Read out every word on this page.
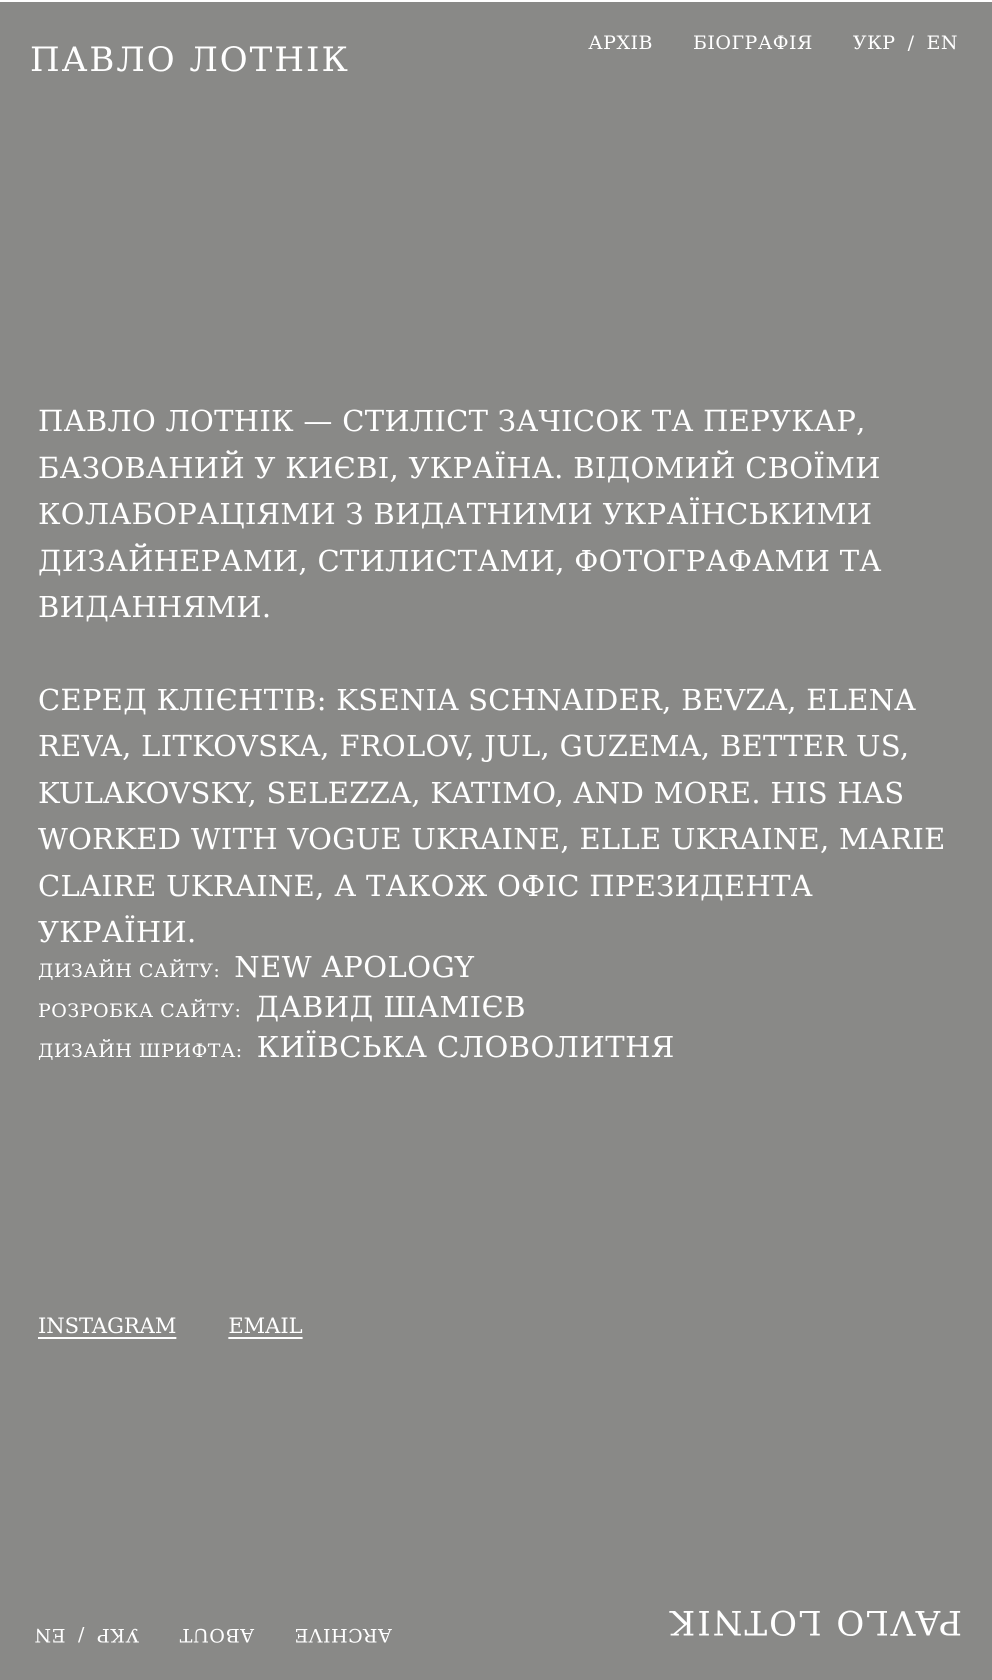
ПАВЛО ЛОТНІК	АРХІВ БІОГРАФІЯ УКР / EN

ПАВЛО ЛОТНІК — СТИЛІСТ ЗАЧІСОК ТА ПЕРУКАР, БАЗОВАНИЙ У КИЄВІ, УКРАЇНА. ВІДОМИЙ СВОЇМИ КОЛАБОРАЦІЯМИ З ВИДАТНИМИ УКРАЇНСЬКИМИ ДИЗАЙНЕРАМИ, СТИЛИСТАМИ, ФОТОГРАФАМИ ТА ВИДАННЯМИ.

СЕРЕД КЛІЄНТІВ: KSENIA SCHNAIDER, BEVZA, ELENA REVA, LITKOVSKA, FROLOV, JUL, GUZEMA, BETTER US, KULAKOVSKY, SELEZZA, KATIMO, AND MORE. HIS HAS WORKED WITH VOGUE UKRAINE, ELLE UKRAINE, MARIE CLAIRE UKRAINE, А ТАКОЖ ОФІС ПРЕЗИДЕНТА УКРАЇНИ.

ДИЗАЙН САЙТУ: NEW APOLOGY
РОЗРОБКА САЙТУ: ДАВИД ШАМІЄВ
ДИЗАЙН ШРИФТА: КИЇВСЬКА СЛОВОЛИТНЯ
INSTAGRAM EMAIL
PAVLO LOTNIK
ARCHIVE
ABOUT
УКР
/
EN
